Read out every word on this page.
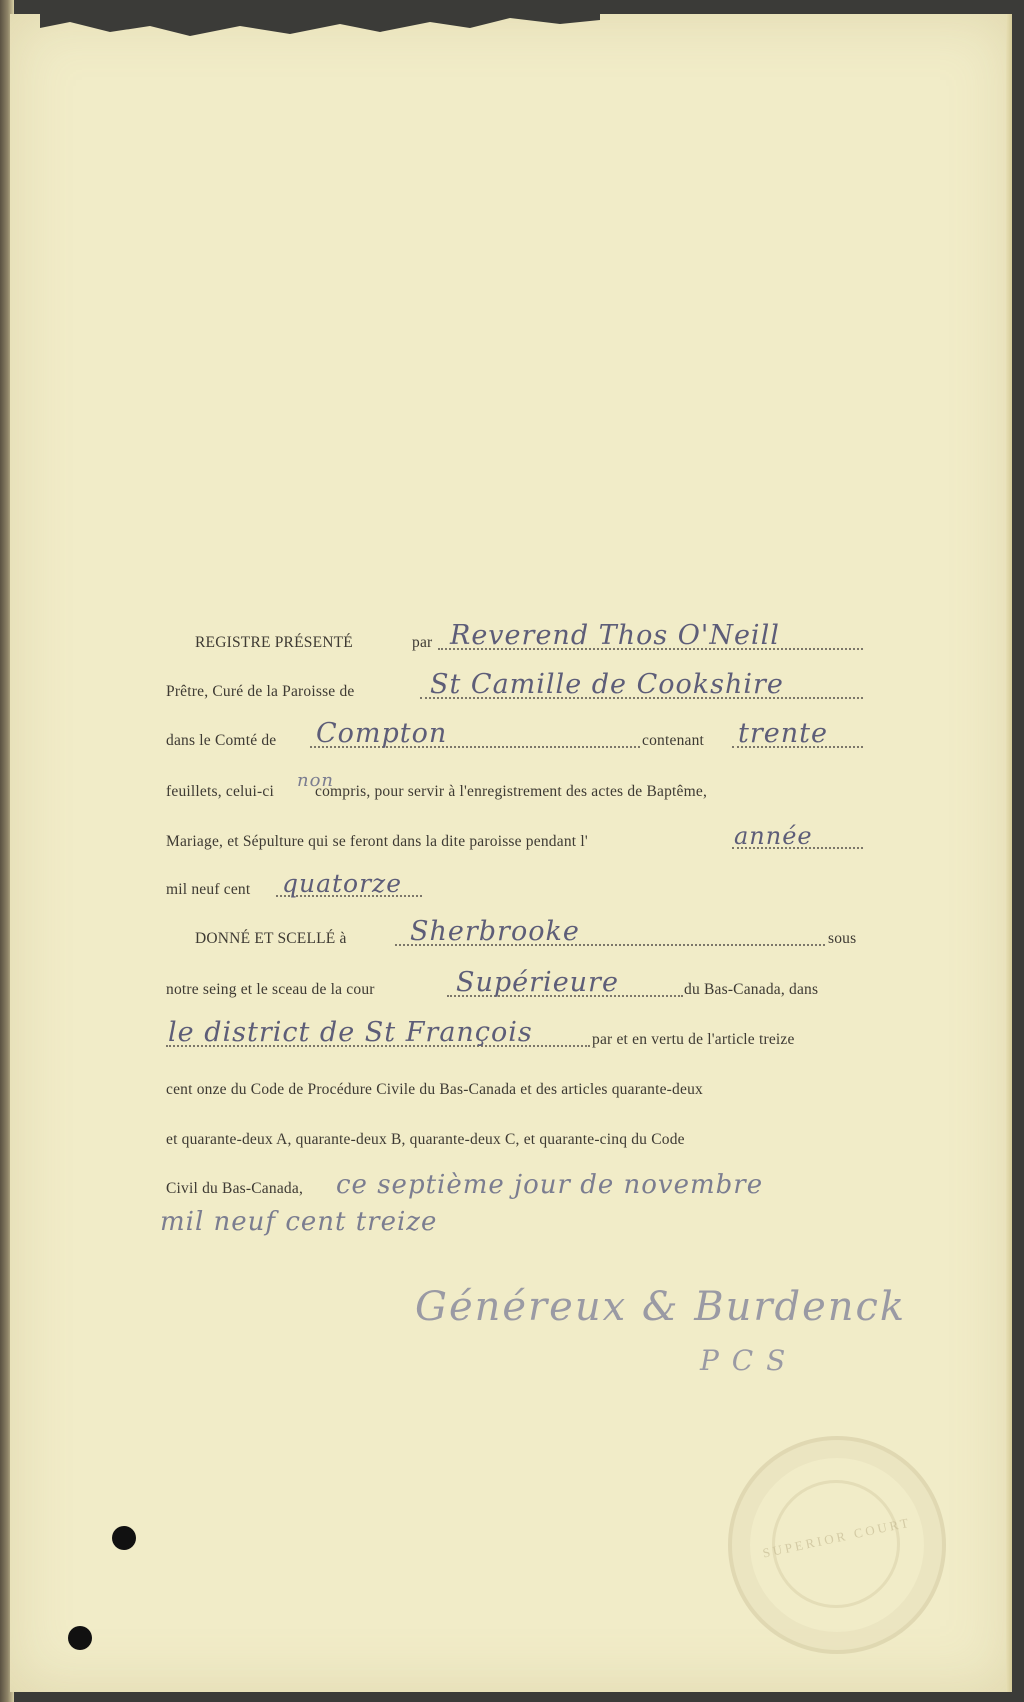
REGISTRE PRÉSENTÉ	par Reverend Thos O'Neill
Prêtre, Curé de la Paroisse de	St Camille de Cookshire
dans le Comté de Compton	contenant trente
feuillets, celui-ci
non
compris, pour servir à l'enregistrement des actes de Baptême,
Mariage, et Sépulture qui se feront dans la dite paroisse pendant l'	année
mil neuf cent quatorze
DONNÉ ET SCELLÉ à Sherbrooke	sous
notre seing et le sceau de la cour	Supérieure	du Bas-Canada, dans
le district de St François	par et en vertu de l'article treize
cent onze du Code de Procédure Civile du Bas-Canada et des articles quarante-deux
et quarante-deux A, quarante-deux B, quarante-deux C, et quarante-cinq du Code
Civil du Bas-Canada, ce septième jour de novembre
mil neuf cent treize
Généreux & Burdenck
P C S
SUPERIOR COURT
